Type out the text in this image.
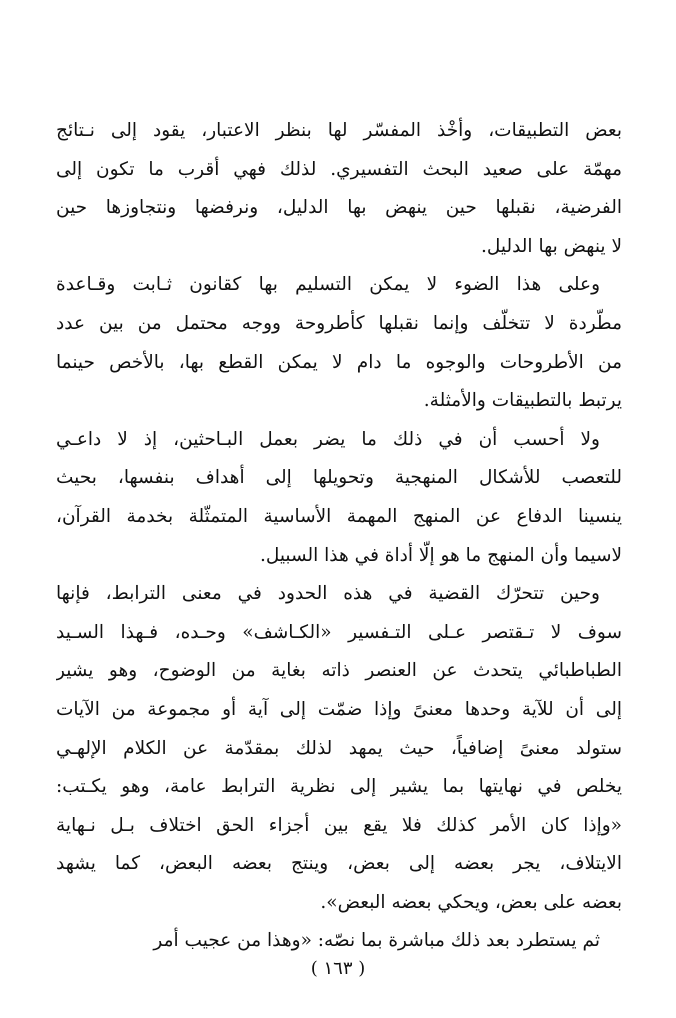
بعض التطبيقات، وأخْذ المفسّر لها بنظر الاعتبار، يقود إلى نـتائج
مهمّة على صعيد البحث التفسيري. لذلك فهي أقرب ما تكون إلى
الفرضية، نقبلها حين ينهض بها الدليل، ونرفضها ونتجاوزها حين
لا ينهض بها الدليل.

وعلى هذا الضوء لا يمكن التسليم بها كقانون ثـابت وقـاعدة
مطّردة لا تتخلّف وإنما نقبلها كأطروحة ووجه محتمل من بين عدد
من الأطروحات والوجوه ما دام لا يمكن القطع بها، بالأخص حينما
يرتبط بالتطبيقات والأمثلة.

ولا أحسب أن في ذلك ما يضر بعمل البـاحثين، إذ لا داعـي
للتعصب للأشكال المنهجية وتحويلها إلى أهداف بنفسها، بحيث
ينسينا الدفاع عن المنهج المهمة الأساسية المتمثّلة بخدمة القرآن،
لاسيما وأن المنهج ما هو إلّا أداة في هذا السبيل.

وحين تتحرّك القضية في هذه الحدود في معنى الترابط، فإنها
سوف لا تـقتصر عـلى التـفسير «الكـاشف» وحـده، فـهذا السـيد
الطباطبائي يتحدث عن العنصر ذاته بغاية من الوضوح، وهو يشير
إلى أن للآية وحدها معنىً وإذا ضمّت إلى آية أو مجموعة من الآيات
ستولد معنىً إضافياً، حيث يمهد لذلك بمقدّمة عن الكلام الإلهـي
يخلص في نهايتها بما يشير إلى نظرية الترابط عامة، وهو يكـتب:
«وإذا كان الأمر كذلك فلا يقع بين أجزاء الحق اختلاف بـل نـهاية
الايتلاف، يجر بعضه إلى بعض، وينتج بعضه البعض، كما يشهد
بعضه على بعض، ويحكي بعضه البعض».

ثم يستطرد بعد ذلك مباشرة بما نصّه: «وهذا من عجيب أمر

( ١٦٣ )
